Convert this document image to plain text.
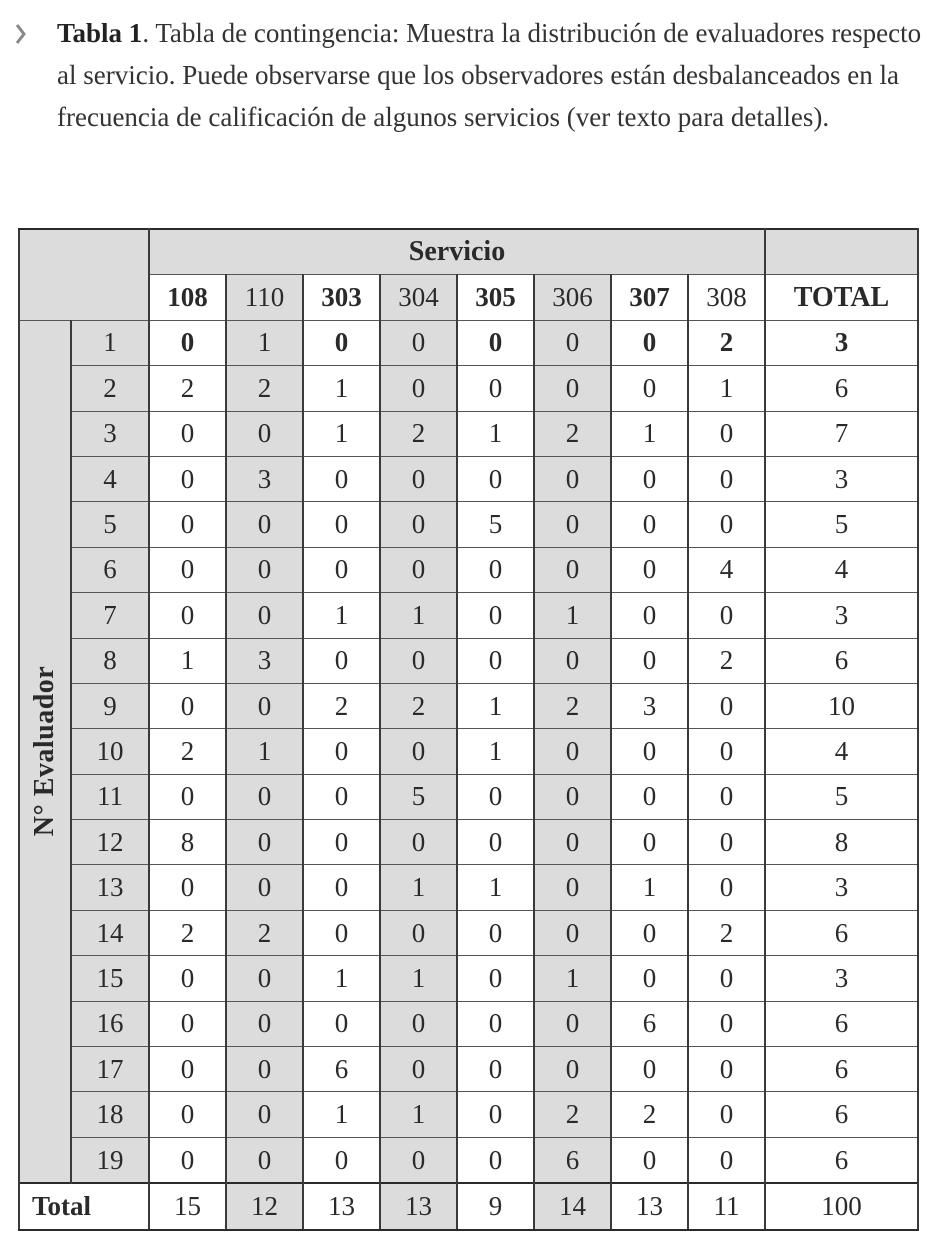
Tabla 1. Tabla de contingencia: Muestra la distribución de evaluadores respecto al servicio. Puede observarse que los observadores están desbalanceados en la frecuencia de calificación de algunos servicios (ver texto para detalles).
		Servicio								
		108	110	303	304	305	306	307	308	TOTAL

N° Evaluador	1	0	1	0	0	0	0	0	2	3
	2	2	2	1	0	0	0	0	1	6
	3	0	0	1	2	1	2	1	0	7
	4	0	3	0	0	0	0	0	0	3
	5	0	0	0	0	5	0	0	0	5
	6	0	0	0	0	0	0	0	4	4
	7	0	0	1	1	0	1	0	0	3
	8	1	3	0	0	0	0	0	2	6
	9	0	0	2	2	1	2	3	0	10
	10	2	1	0	0	1	0	0	0	4
	11	0	0	0	5	0	0	0	0	5
	12	8	0	0	0	0	0	0	0	8
	13	0	0	0	1	1	0	1	0	3
	14	2	2	0	0	0	0	0	2	6
	15	0	0	1	1	0	1	0	0	3
	16	0	0	0	0	0	0	6	0	6
	17	0	0	6	0	0	0	0	0	6
	18	0	0	1	1	0	2	2	0	6
	19	0	0	0	0	0	6	0	0	6
Total		15	12	13	13	9	14	13	11	100
